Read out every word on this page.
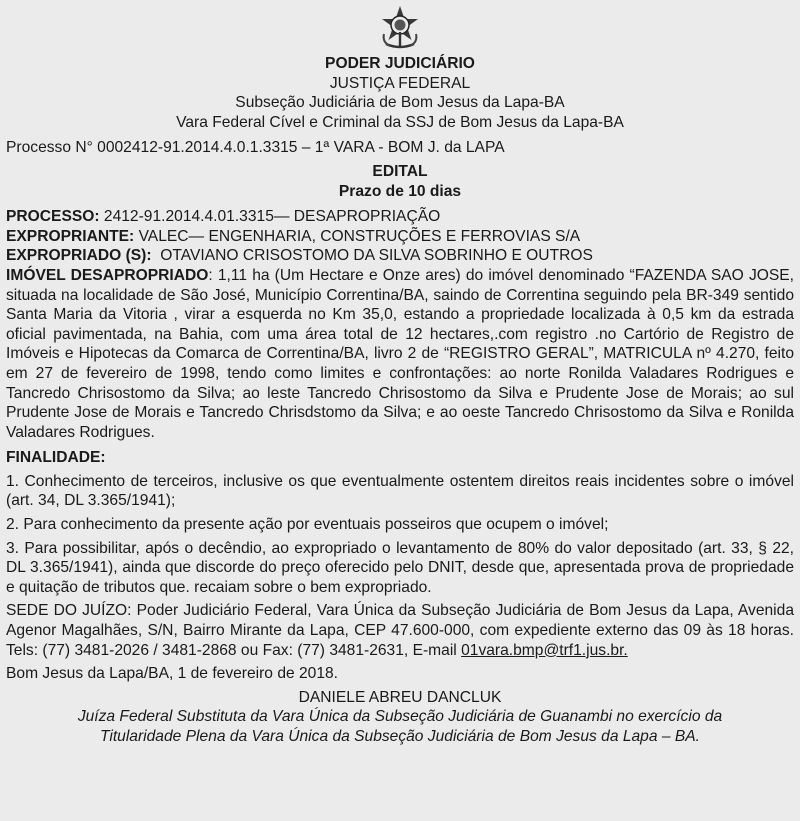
PODER JUDICIÁRIO
JUSTIÇA FEDERAL
Subseção Judiciária de Bom Jesus da Lapa-BA
Vara Federal Cível e Criminal da SSJ de Bom Jesus da Lapa-BA
Processo N° 0002412-91.2014.4.0.1.3315 – 1ª VARA - BOM J. da LAPA
EDITAL
Prazo de 10 dias
PROCESSO: 2412-91.2014.4.01.3315— DESAPROPRIAÇÃO
EXPROPRIANTE: VALEC— ENGENHARIA, CONSTRUÇÕES E FERROVIAS S/A
EXPROPRIADO (S):  OTAVIANO CRISOSTOMO DA SILVA SOBRINHO E OUTROS
IMÓVEL DESAPROPRIADO: 1,11 ha (Um Hectare e Onze ares) do imóvel denominado “FAZENDA SAO JOSE, situada na localidade de São José, Município Correntina/BA, saindo de Correntina seguindo pela BR-349 sentido Santa Maria da Vitoria , virar a esquerda no Km 35,0, estando a propriedade localizada à 0,5 km da estrada oficial pavimentada, na Bahia, com uma área total de 12 hectares,.com registro .no Cartório de Registro de Imóveis e Hipotecas da Comarca de Correntina/BA, livro 2 de “REGISTRO GERAL”, MATRICULA nº 4.270, feito em 27 de fevereiro de 1998, tendo como limites e confrontações: ao norte Ronilda Valadares Rodrigues e Tancredo Chrisostomo da Silva; ao leste Tancredo Chrisostomo da Silva e Prudente Jose de Morais; ao sul Prudente Jose de Morais e Tancredo Chrisdstomo da Silva; e ao oeste Tancredo Chrisostomo da Silva e Ronilda Valadares Rodrigues.
FINALIDADE:
1. Conhecimento de terceiros, inclusive os que eventualmente ostentem direitos reais incidentes sobre o imóvel (art. 34, DL 3.365/1941);
2. Para conhecimento da presente ação por eventuais posseiros que ocupem o imóvel;
3. Para possibilitar, após o decêndio, ao expropriado o levantamento de 80% do valor depositado (art. 33, § 22, DL 3.365/1941), ainda que discorde do preço oferecido pelo DNIT, desde que, apresentada prova de propriedade e quitação de tributos que. recaiam sobre o bem expropriado.
SEDE DO JUÍZO: Poder Judiciário Federal, Vara Única da Subseção Judiciária de Bom Jesus da Lapa, Avenida Agenor Magalhães, S/N, Bairro Mirante da Lapa, CEP 47.600-000, com expediente externo das 09 às 18 horas. Tels: (77) 3481-2026 / 3481-2868 ou Fax: (77) 3481-2631, E-mail 01vara.bmp@trf1.jus.br.
Bom Jesus da Lapa/BA, 1 de fevereiro de 2018.
DANIELE ABREU DANCLUK
Juíza Federal Substituta da Vara Única da Subseção Judiciária de Guanambi no exercício da
Titularidade Plena da Vara Única da Subseção Judiciária de Bom Jesus da Lapa – BA.
